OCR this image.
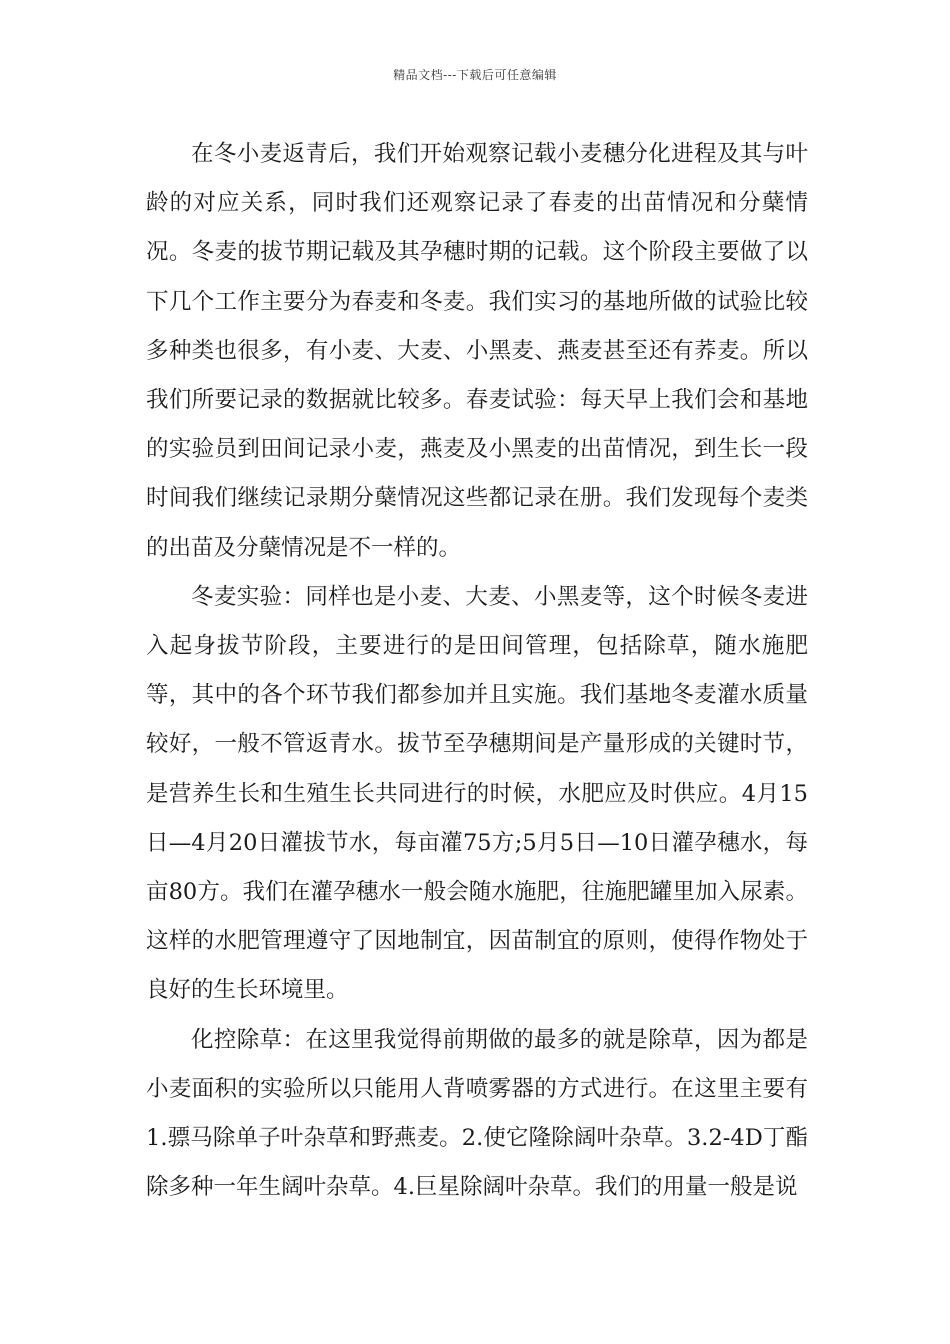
精品文档---下载后可任意编辑

在冬小麦返青后，我们开始观察记载小麦穗分化进程及其与叶龄的对应关系，同时我们还观察记录了春麦的出苗情况和分蘖情况。冬麦的拔节期记载及其孕穗时期的记载。这个阶段主要做了以下几个工作主要分为春麦和冬麦。我们实习的基地所做的试验比较多种类也很多，有小麦、大麦、小黑麦、燕麦甚至还有荞麦。所以我们所要记录的数据就比较多。春麦试验：每天早上我们会和基地的实验员到田间记录小麦，燕麦及小黑麦的出苗情况，到生长一段时间我们继续记录期分蘖情况这些都记录在册。我们发现每个麦类的出苗及分蘖情况是不一样的。

冬麦实验：同样也是小麦、大麦、小黑麦等，这个时候冬麦进入起身拔节阶段，主要进行的是田间管理，包括除草，随水施肥等，其中的各个环节我们都参加并且实施。我们基地冬麦灌水质量较好，一般不管返青水。拔节至孕穗期间是产量形成的关键时节，是营养生长和生殖生长共同进行的时候，水肥应及时供应。4月15日—4月20日灌拔节水，每亩灌75方;5月5日—10日灌孕穗水，每亩80方。我们在灌孕穗水一般会随水施肥，往施肥罐里加入尿素。这样的水肥管理遵守了因地制宜，因苗制宜的原则，使得作物处于良好的生长环境里。

化控除草：在这里我觉得前期做的最多的就是除草，因为都是小麦面积的实验所以只能用人背喷雾器的方式进行。在这里主要有1.骠马除单子叶杂草和野燕麦。2.使它隆除阔叶杂草。3.2-4D丁酯除多种一年生阔叶杂草。4.巨星除阔叶杂草。我们的用量一般是说
